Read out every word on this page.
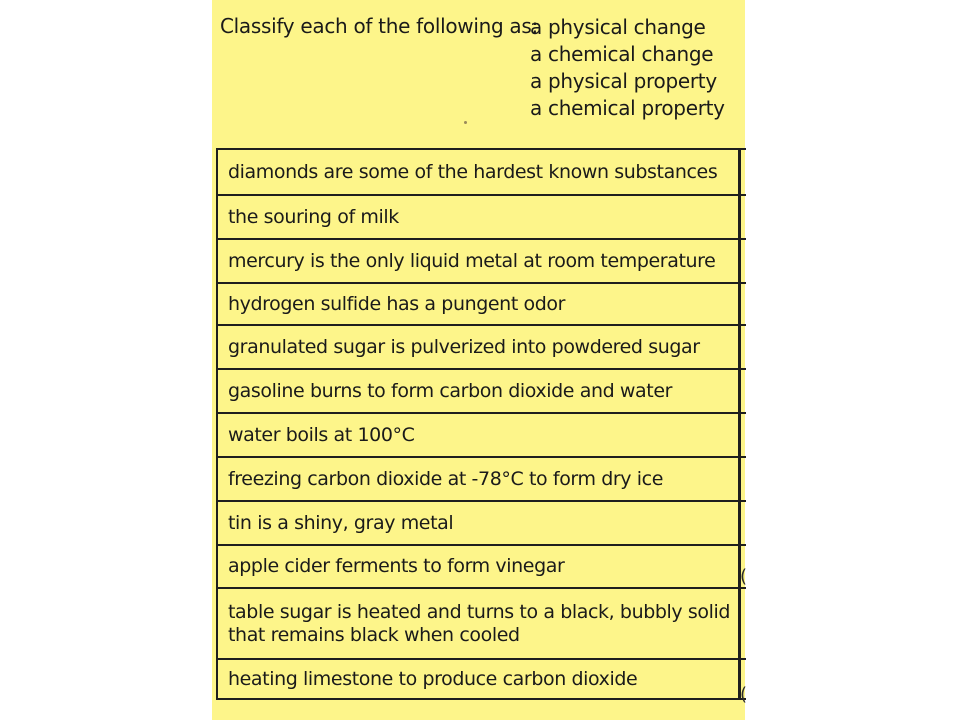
Classify each of the following as:
a physical change
a chemical change
a physical property
a chemical property
diamonds are some of the hardest known substances
the souring of milk
mercury is the only liquid metal at room temperature
hydrogen sulfide has a pungent odor
granulated sugar is pulverized into powdered sugar
gasoline burns to form carbon dioxide and water
water boils at 100°C
freezing carbon dioxide at -78°C to form dry ice
tin is a shiny, gray metal
apple cider ferments to form vinegar
table sugar is heated and turns to a black, bubbly solid
that remains black when cooled
heating limestone to produce carbon dioxide
(
(
